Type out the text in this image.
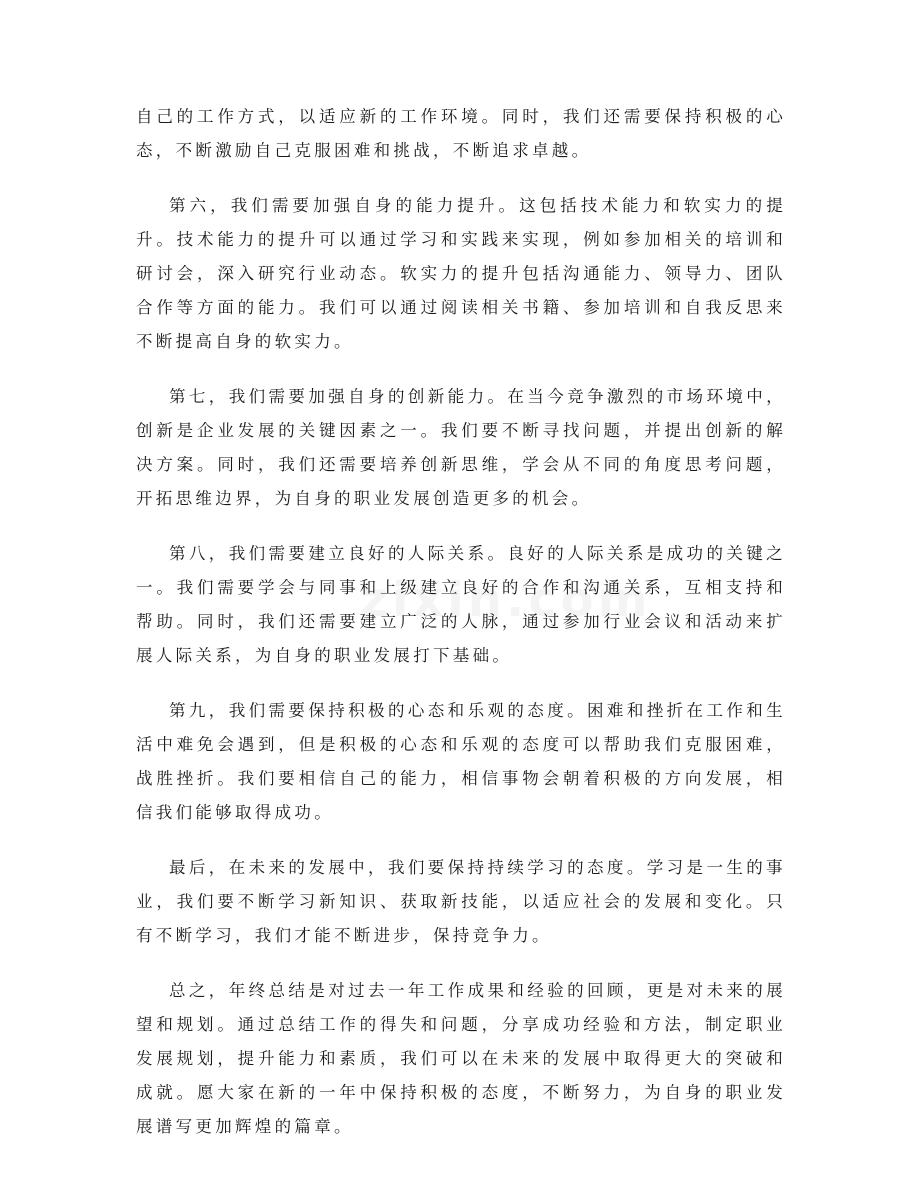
自己的工作方式，以适应新的工作环境。同时，我们还需要保持积极的心态，不断激励自己克服困难和挑战，不断追求卓越。

第六，我们需要加强自身的能力提升。这包括技术能力和软实力的提升。技术能力的提升可以通过学习和实践来实现，例如参加相关的培训和研讨会，深入研究行业动态。软实力的提升包括沟通能力、领导力、团队合作等方面的能力。我们可以通过阅读相关书籍、参加培训和自我反思来不断提高自身的软实力。

第七，我们需要加强自身的创新能力。在当今竞争激烈的市场环境中，创新是企业发展的关键因素之一。我们要不断寻找问题，并提出创新的解决方案。同时，我们还需要培养创新思维，学会从不同的角度思考问题，开拓思维边界，为自身的职业发展创造更多的机会。

第八，我们需要建立良好的人际关系。良好的人际关系是成功的关键之一。我们需要学会与同事和上级建立良好的合作和沟通关系，互相支持和帮助。同时，我们还需要建立广泛的人脉，通过参加行业会议和活动来扩展人际关系，为自身的职业发展打下基础。

第九，我们需要保持积极的心态和乐观的态度。困难和挫折在工作和生活中难免会遇到，但是积极的心态和乐观的态度可以帮助我们克服困难，战胜挫折。我们要相信自己的能力，相信事物会朝着积极的方向发展，相信我们能够取得成功。

最后，在未来的发展中，我们要保持持续学习的态度。学习是一生的事业，我们要不断学习新知识、获取新技能，以适应社会的发展和变化。只有不断学习，我们才能不断进步，保持竞争力。

总之，年终总结是对过去一年工作成果和经验的回顾，更是对未来的展望和规划。通过总结工作的得失和问题，分享成功经验和方法，制定职业发展规划，提升能力和素质，我们可以在未来的发展中取得更大的突破和成就。愿大家在新的一年中保持积极的态度，不断努力，为自身的职业发展谱写更加辉煌的篇章。
